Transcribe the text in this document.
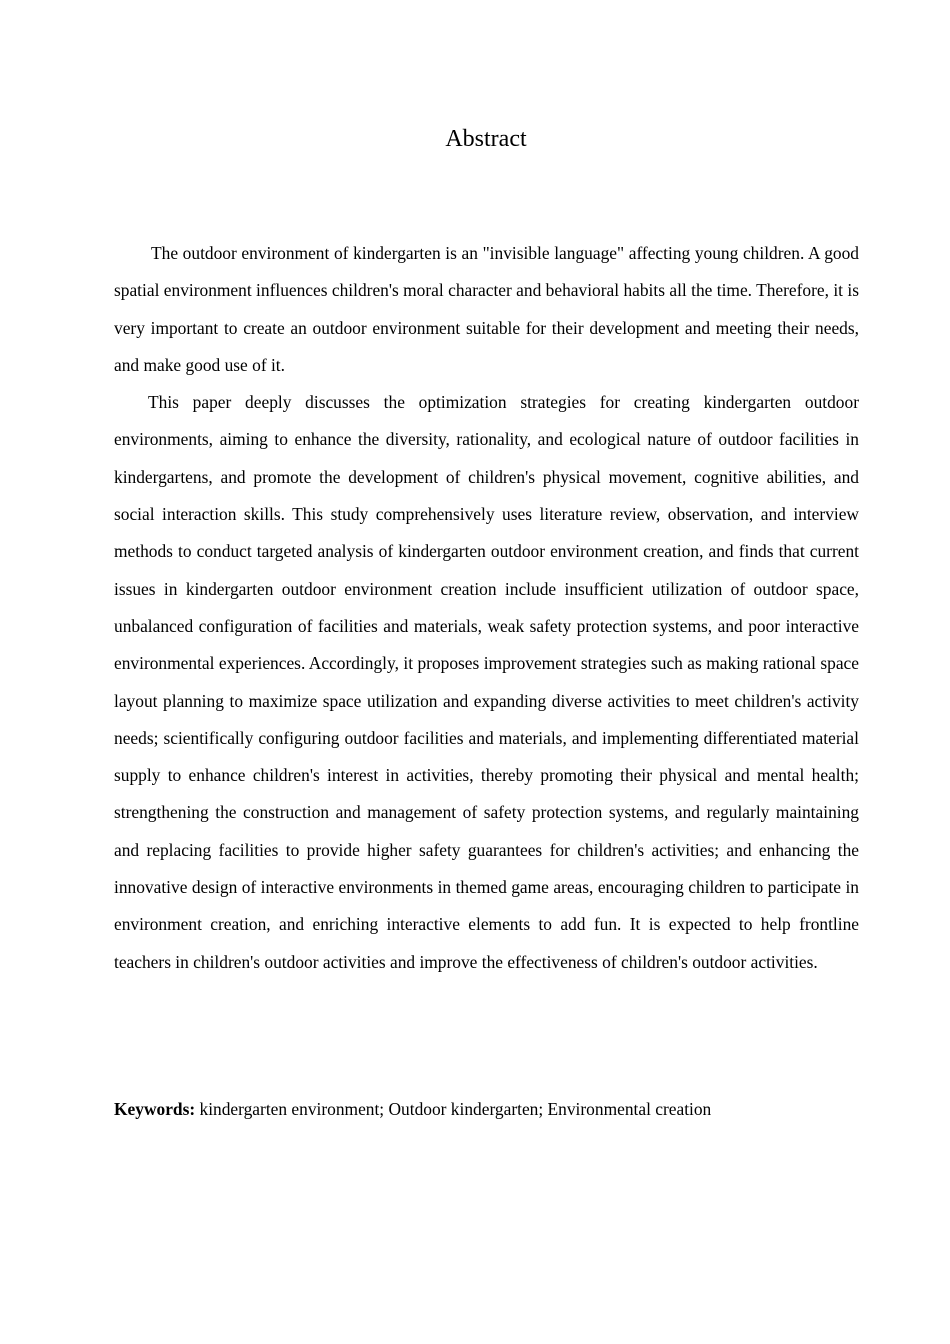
Abstract

The outdoor environment of kindergarten is an "invisible language" affecting young children. A good spatial environment influences children's moral character and behavioral habits all the time. Therefore, it is very important to create an outdoor environment suitable for their development and meeting their needs, and make good use of it.

This paper deeply discusses the optimization strategies for creating kindergarten outdoor environments, aiming to enhance the diversity, rationality, and ecological nature of outdoor facilities in kindergartens, and promote the development of children's physical movement, cognitive abilities, and social interaction skills. This study comprehensively uses literature review, observation, and interview methods to conduct targeted analysis of kindergarten outdoor environment creation, and finds that current issues in kindergarten outdoor environment creation include insufficient utilization of outdoor space, unbalanced configuration of facilities and materials, weak safety protection systems, and poor interactive environmental experiences. Accordingly, it proposes improvement strategies such as making rational space layout planning to maximize space utilization and expanding diverse activities to meet children's activity needs; scientifically configuring outdoor facilities and materials, and implementing differentiated material supply to enhance children's interest in activities, thereby promoting their physical and mental health; strengthening the construction and management of safety protection systems, and regularly maintaining and replacing facilities to provide higher safety guarantees for children's activities; and enhancing the innovative design of interactive environments in themed game areas, encouraging children to participate in environment creation, and enriching interactive elements to add fun. It is expected to help frontline teachers in children's outdoor activities and improve the effectiveness of children's outdoor activities.

Keywords: kindergarten environment; Outdoor kindergarten; Environmental creation
